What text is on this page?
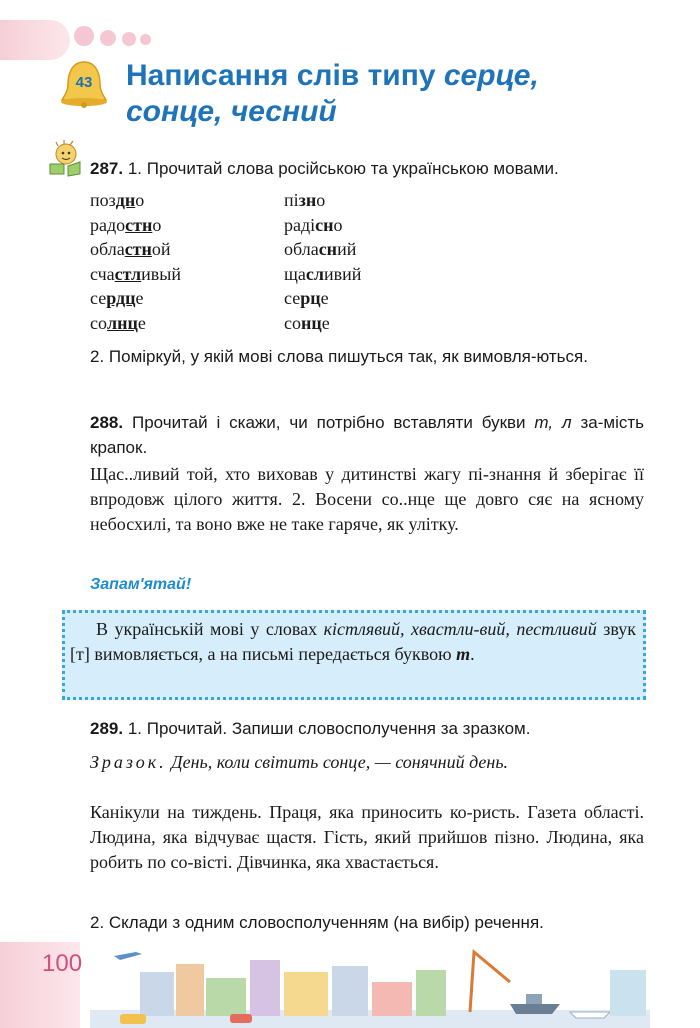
43	Написання слів типу серце,
сонце, чесний
287. 1. Прочитай слова російською та українською мовами.
поздно	пізно
радостно	радісно
областной	обласний
счастливый	щасливий
сердце	серце
солнце	сонце
2. Поміркуй, у якій мові слова пишуться так, як вимовля-ються.
288. Прочитай і скажи, чи потрібно вставляти букви т, л за-мість крапок.
Щас..ливий той, хто виховав у дитинстві жагу пі-знання й зберігає її впродовж цілого життя. 2. Восени со..нце ще довго сяє на ясному небосхилі, та воно вже не таке гаряче, як улітку.
Запам'ятай!
В українській мові у словах кістлявий, хвастли-вий, пестливий звук [т] вимовляється, а на письмі передається буквою т.
289. 1. Прочитай. Запиши словосполучення за зразком.
Зразок. День, коли світить сонце, — сонячний день.
Канікули на тиждень. Праця, яка приносить ко-ристь. Газета області. Людина, яка відчуває щастя. Гість, який прийшов пізно. Людина, яка робить по со-вісті. Дівчинка, яка хвастається.
2. Склади з одним словосполученням (на вибір) речення.
100
